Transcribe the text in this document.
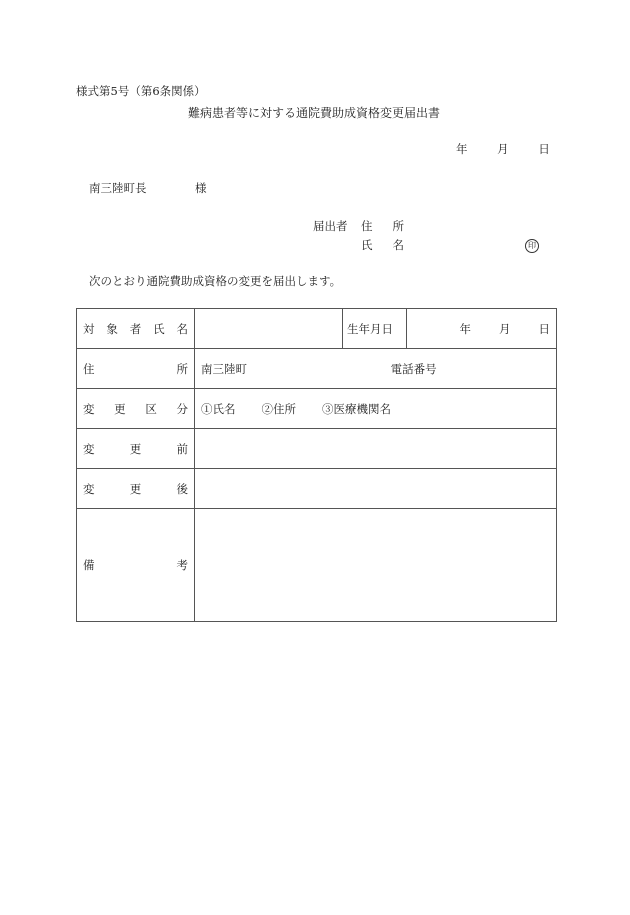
様式第5号（第6条関係）
難病患者等に対する通院費助成資格変更届出書
年	月	日
南三陸町長	様
届出者 住 所
氏 名	印
次のとおり通院費助成資格の変更を届出します。
対 象 者 氏 名		生年月日	年 月 日

住 所	南三陸町 電話番号		

変 更 区 分	①氏名 ②住所 ③医療機関名		

変 更 前			

変 更 後			

備 考			
